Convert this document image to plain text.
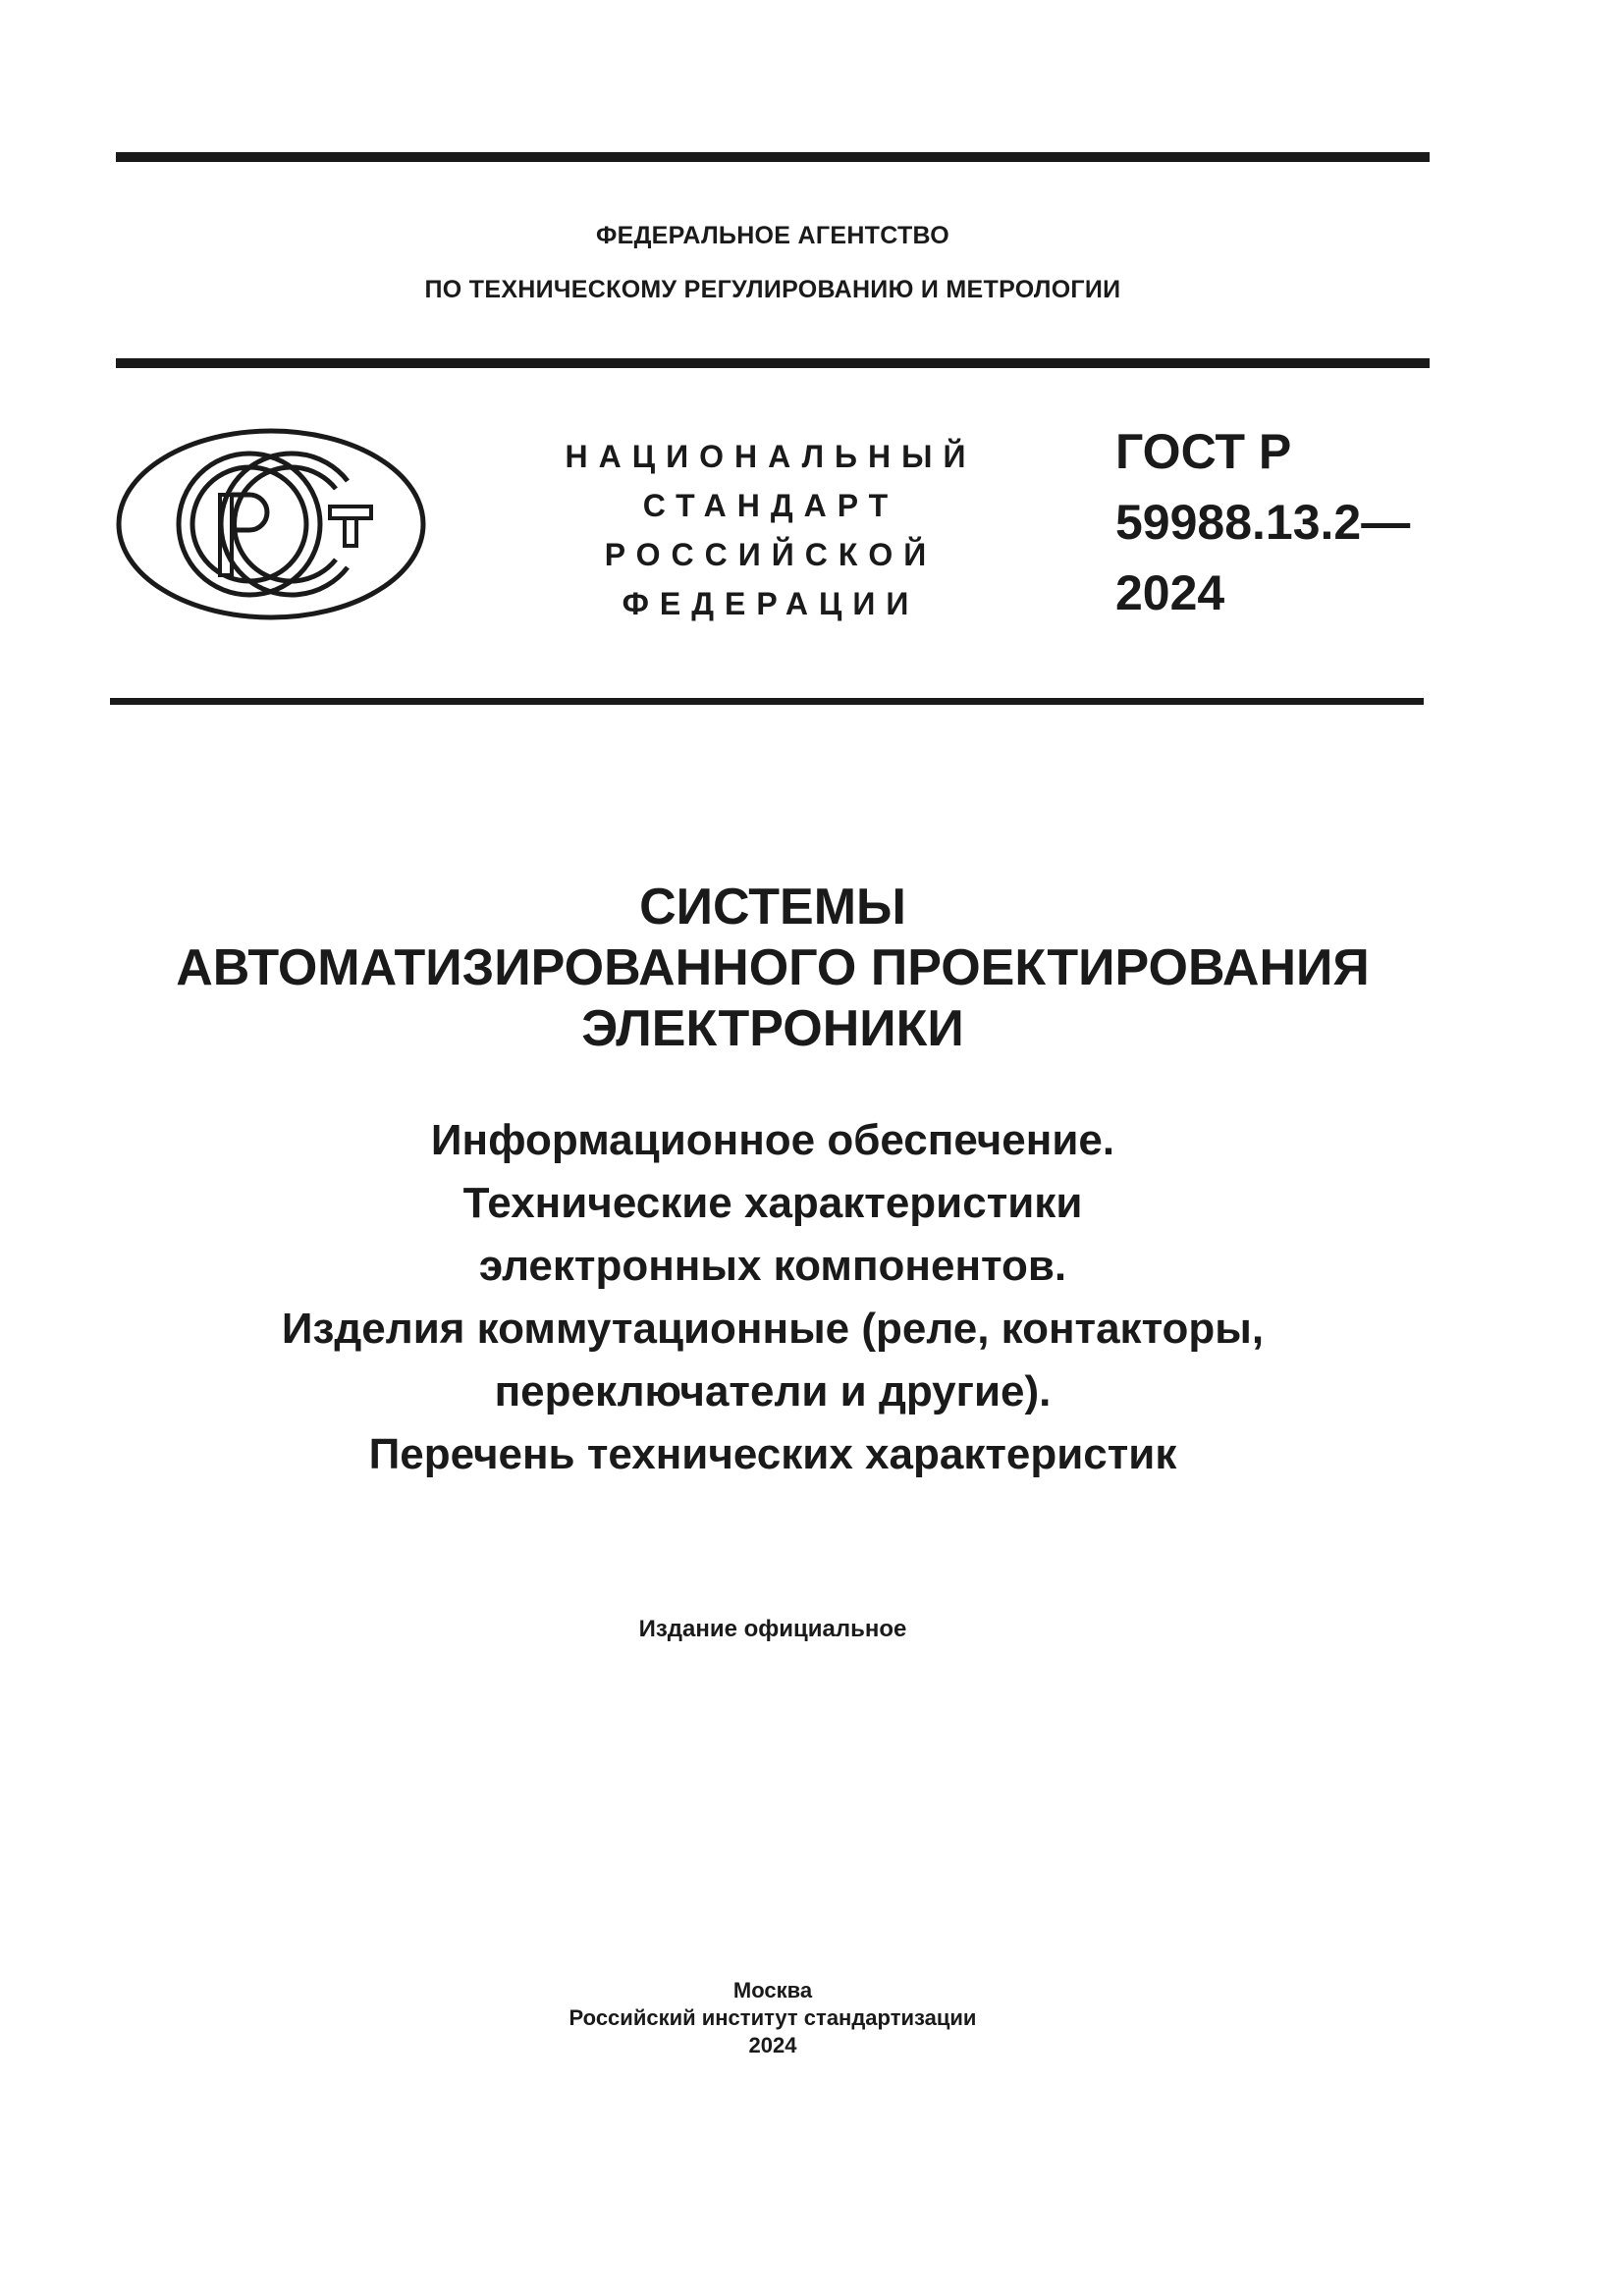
ФЕДЕРАЛЬНОЕ АГЕНТСТВО
ПО ТЕХНИЧЕСКОМУ РЕГУЛИРОВАНИЮ И МЕТРОЛОГИИ
НАЦИОНАЛЬНЫЙ
СТАНДАРТ
РОССИЙСКОЙ
ФЕДЕРАЦИИ
ГОСТ Р
59988.13.2—
2024
СИСТЕМЫ
АВТОМАТИЗИРОВАННОГО ПРОЕКТИРОВАНИЯ
ЭЛЕКТРОНИКИ
Информационное обеспечение.
Технические характеристики
электронных компонентов.
Изделия коммутационные (реле, контакторы,
переключатели и другие).
Перечень технических характеристик
Издание официальное
Москва
Российский институт стандартизации
2024
